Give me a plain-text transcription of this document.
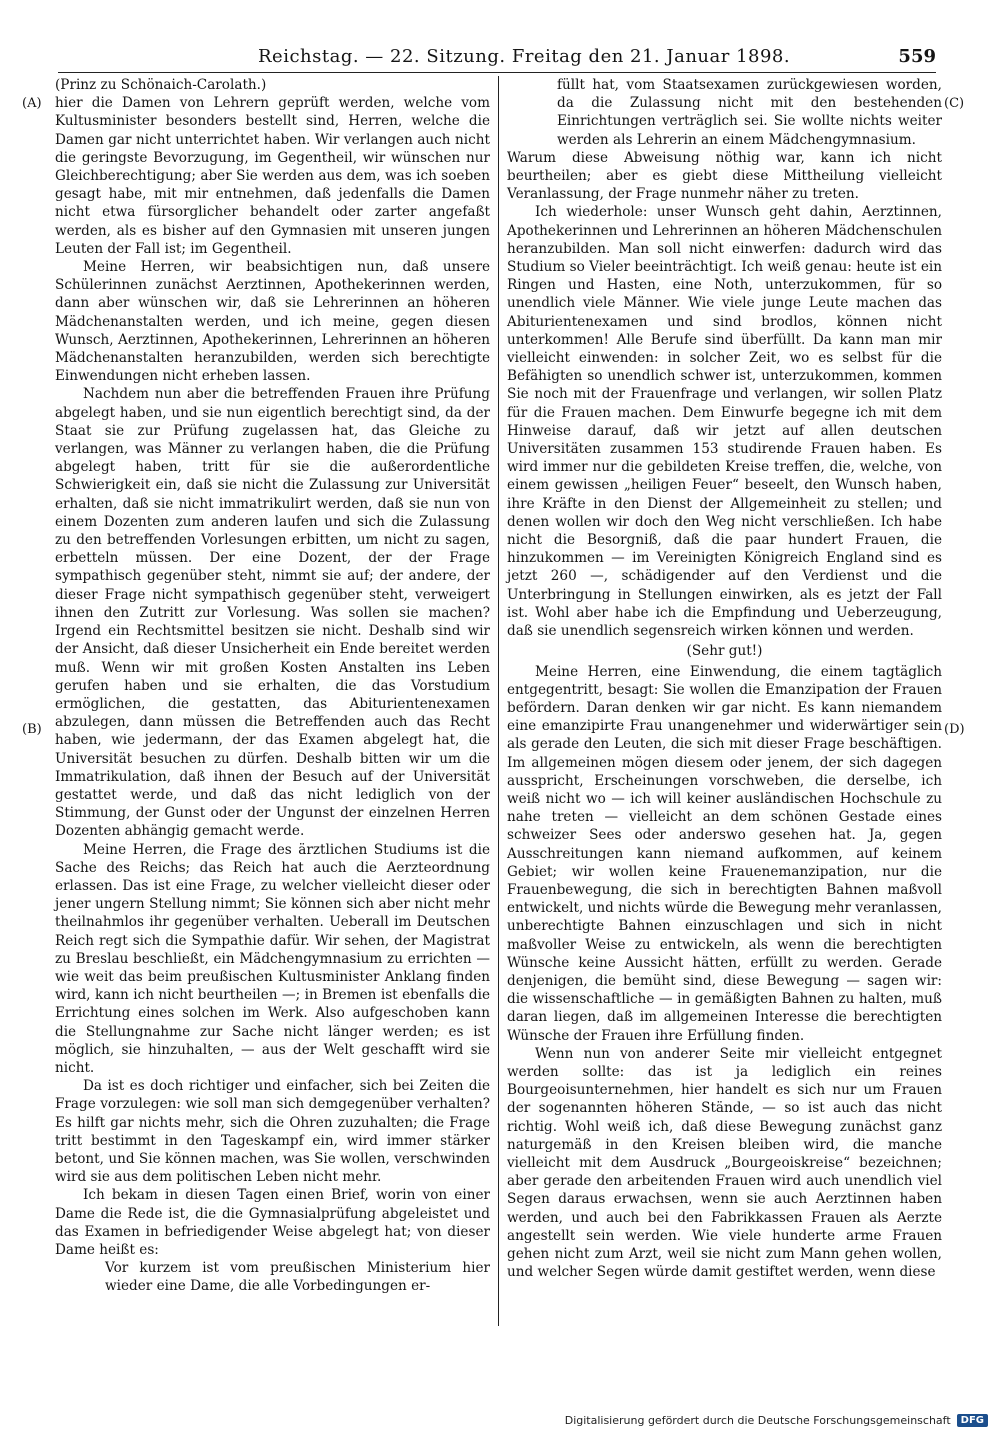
Reichstag. — 22. Sitzung. Freitag den 21. Januar 1898.	559
(A)
(B)
(C)
(D)

(Prinz zu Schönaich-Carolath.)

hier die Damen von Lehrern geprüft werden, welche vom Kultusminister besonders bestellt sind, Herren, welche die Damen gar nicht unterrichtet haben. Wir verlangen auch nicht die geringste Bevorzugung, im Gegentheil, wir wünschen nur Gleichberechtigung; aber Sie werden aus dem, was ich soeben gesagt habe, mit mir entnehmen, daß jedenfalls die Damen nicht etwa fürsorglicher behandelt oder zarter angefaßt werden, als es bisher auf den Gymnasien mit unseren jungen Leuten der Fall ist; im Gegentheil.

Meine Herren, wir beabsichtigen nun, daß unsere Schülerinnen zunächst Aerztinnen, Apothekerinnen werden, dann aber wünschen wir, daß sie Lehrerinnen an höheren Mädchenanstalten werden, und ich meine, gegen diesen Wunsch, Aerztinnen, Apothekerinnen, Lehrerinnen an höheren Mädchenanstalten heranzubilden, werden sich berechtigte Einwendungen nicht erheben lassen.

Nachdem nun aber die betreffenden Frauen ihre Prüfung abgelegt haben, und sie nun eigentlich berechtigt sind, da der Staat sie zur Prüfung zugelassen hat, das Gleiche zu verlangen, was Männer zu verlangen haben, die die Prüfung abgelegt haben, tritt für sie die außerordentliche Schwierigkeit ein, daß sie nicht die Zulassung zur Universität erhalten, daß sie nicht immatrikulirt werden, daß sie nun von einem Dozenten zum anderen laufen und sich die Zulassung zu den betreffenden Vorlesungen erbitten, um nicht zu sagen, erbetteln müssen. Der eine Dozent, der der Frage sympathisch gegenüber steht, nimmt sie auf; der andere, der dieser Frage nicht sympathisch gegenüber steht, verweigert ihnen den Zutritt zur Vorlesung. Was sollen sie machen? Irgend ein Rechtsmittel besitzen sie nicht. Deshalb sind wir der Ansicht, daß dieser Unsicherheit ein Ende bereitet werden muß. Wenn wir mit großen Kosten Anstalten ins Leben gerufen haben und sie erhalten, die das Vorstudium ermöglichen, die gestatten, das Abiturientenexamen abzulegen, dann müssen die Betreffenden auch das Recht haben, wie jedermann, der das Examen abgelegt hat, die Universität besuchen zu dürfen. Deshalb bitten wir um die Immatrikulation, daß ihnen der Besuch auf der Universität gestattet werde, und daß das nicht lediglich von der Stimmung, der Gunst oder der Ungunst der einzelnen Herren Dozenten abhängig gemacht werde.

Meine Herren, die Frage des ärztlichen Studiums ist die Sache des Reichs; das Reich hat auch die Aerzteordnung erlassen. Das ist eine Frage, zu welcher vielleicht dieser oder jener ungern Stellung nimmt; Sie können sich aber nicht mehr theilnahmlos ihr gegenüber verhalten. Ueberall im Deutschen Reich regt sich die Sympathie dafür. Wir sehen, der Magistrat zu Breslau beschließt, ein Mädchengymnasium zu errichten — wie weit das beim preußischen Kultusminister Anklang finden wird, kann ich nicht beurtheilen —; in Bremen ist ebenfalls die Errichtung eines solchen im Werk. Also aufgeschoben kann die Stellungnahme zur Sache nicht länger werden; es ist möglich, sie hinzuhalten, — aus der Welt geschafft wird sie nicht.

Da ist es doch richtiger und einfacher, sich bei Zeiten die Frage vorzulegen: wie soll man sich demgegenüber verhalten? Es hilft gar nichts mehr, sich die Ohren zuzuhalten; die Frage tritt bestimmt in den Tageskampf ein, wird immer stärker betont, und Sie können machen, was Sie wollen, verschwinden wird sie aus dem politischen Leben nicht mehr.

Ich bekam in diesen Tagen einen Brief, worin von einer Dame die Rede ist, die die Gymnasialprüfung abgeleistet und das Examen in befriedigender Weise abgelegt hat; von dieser Dame heißt es:

Vor kurzem ist vom preußischen Ministerium hier wieder eine Dame, die alle Vorbedingungen er-

füllt hat, vom Staatsexamen zurückgewiesen worden, da die Zulassung nicht mit den bestehenden Einrichtungen verträglich sei. Sie wollte nichts weiter werden als Lehrerin an einem Mädchengymnasium.

Warum diese Abweisung nöthig war, kann ich nicht beurtheilen; aber es giebt diese Mittheilung vielleicht Veranlassung, der Frage nunmehr näher zu treten.

Ich wiederhole: unser Wunsch geht dahin, Aerztinnen, Apothekerinnen und Lehrerinnen an höheren Mädchenschulen heranzubilden. Man soll nicht einwerfen: dadurch wird das Studium so Vieler beeinträchtigt. Ich weiß genau: heute ist ein Ringen und Hasten, eine Noth, unterzukommen, für so unendlich viele Männer. Wie viele junge Leute machen das Abiturientenexamen und sind brodlos, können nicht unterkommen! Alle Berufe sind überfüllt. Da kann man mir vielleicht einwenden: in solcher Zeit, wo es selbst für die Befähigten so unendlich schwer ist, unterzukommen, kommen Sie noch mit der Frauenfrage und verlangen, wir sollen Platz für die Frauen machen. Dem Einwurfe begegne ich mit dem Hinweise darauf, daß wir jetzt auf allen deutschen Universitäten zusammen 153 studirende Frauen haben. Es wird immer nur die gebildeten Kreise treffen, die, welche, von einem gewissen „heiligen Feuer“ beseelt, den Wunsch haben, ihre Kräfte in den Dienst der Allgemeinheit zu stellen; und denen wollen wir doch den Weg nicht verschließen. Ich habe nicht die Besorgniß, daß die paar hundert Frauen, die hinzukommen — im Vereinigten Königreich England sind es jetzt 260 —, schädigender auf den Verdienst und die Unterbringung in Stellungen einwirken, als es jetzt der Fall ist. Wohl aber habe ich die Empfindung und Ueberzeugung, daß sie unendlich segensreich wirken können und werden.

(Sehr gut!)

Meine Herren, eine Einwendung, die einem tagtäglich entgegentritt, besagt: Sie wollen die Emanzipation der Frauen befördern. Daran denken wir gar nicht. Es kann niemandem eine emanzipirte Frau unangenehmer und widerwärtiger sein als gerade den Leuten, die sich mit dieser Frage beschäftigen. Im allgemeinen mögen diesem oder jenem, der sich dagegen ausspricht, Erscheinungen vorschweben, die derselbe, ich weiß nicht wo — ich will keiner ausländischen Hochschule zu nahe treten — vielleicht an dem schönen Gestade eines schweizer Sees oder anderswo gesehen hat. Ja, gegen Ausschreitungen kann niemand aufkommen, auf keinem Gebiet; wir wollen keine Frauenemanzipation, nur die Frauenbewegung, die sich in berechtigten Bahnen maßvoll entwickelt, und nichts würde die Bewegung mehr veranlassen, unberechtigte Bahnen einzuschlagen und sich in nicht maßvoller Weise zu entwickeln, als wenn die berechtigten Wünsche keine Aussicht hätten, erfüllt zu werden. Gerade denjenigen, die bemüht sind, diese Bewegung — sagen wir: die wissenschaftliche — in gemäßigten Bahnen zu halten, muß daran liegen, daß im allgemeinen Interesse die berechtigten Wünsche der Frauen ihre Erfüllung finden.

Wenn nun von anderer Seite mir vielleicht entgegnet werden sollte: das ist ja lediglich ein reines Bourgeoisunternehmen, hier handelt es sich nur um Frauen der sogenannten höheren Stände, — so ist auch das nicht richtig. Wohl weiß ich, daß diese Bewegung zunächst ganz naturgemäß in den Kreisen bleiben wird, die manche vielleicht mit dem Ausdruck „Bourgeoiskreise“ bezeichnen; aber gerade den arbeitenden Frauen wird auch unendlich viel Segen daraus erwachsen, wenn sie auch Aerztinnen haben werden, und auch bei den Fabrikkassen Frauen als Aerzte angestellt sein werden. Wie viele hunderte arme Frauen gehen nicht zum Arzt, weil sie nicht zum Mann gehen wollen, und welcher Segen würde damit gestiftet werden, wenn diese

Digitalisierung gefördert durch die Deutsche Forschungsgemeinschaft	DFG
